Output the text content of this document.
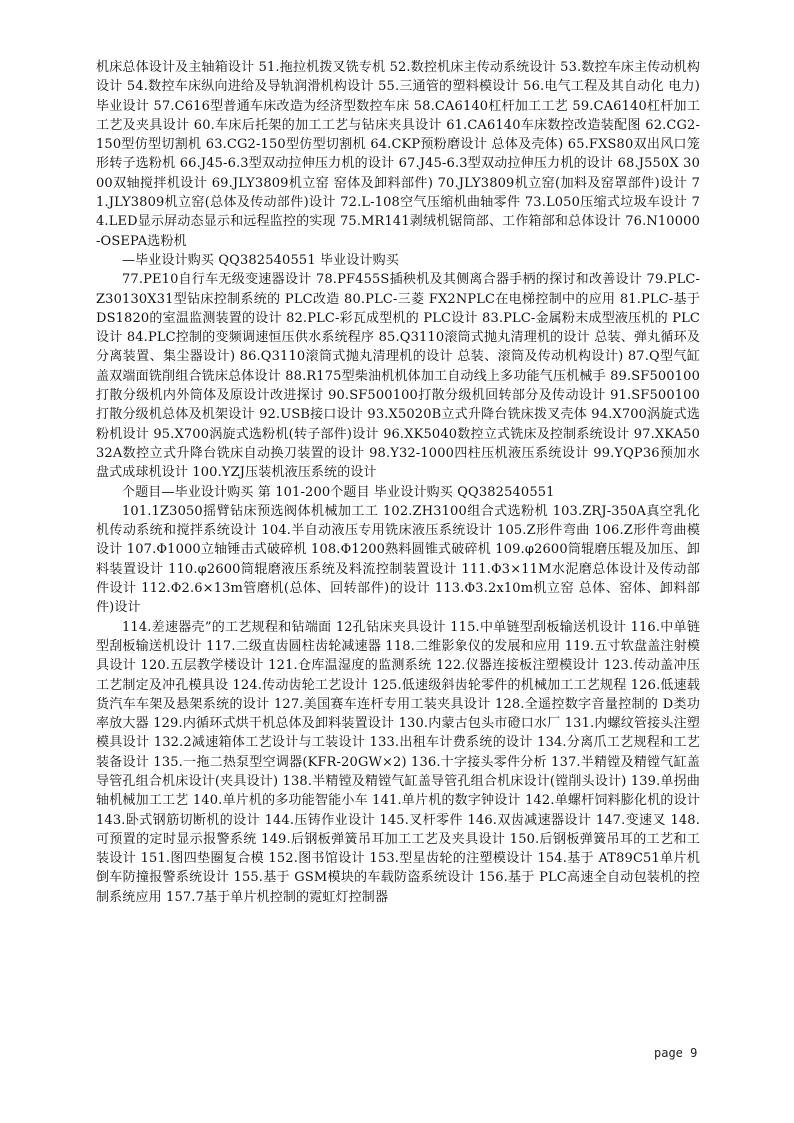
机床总体设计及主轴箱设计 51.拖拉机拨叉铣专机 52.数控机床主传动系统设计 53.数控车床主传动机构设计 54.数控车床纵向进给及导轨润滑机构设计 55.三通管的塑料模设计 56.电气工程及其自动化 电力)毕业设计 57.C616型普通车床改造为经济型数控车床 58.CA6140杠杆加工工艺 59.CA6140杠杆加工工艺及夹具设计 60.车床后托架的加工工艺与钻床夹具设计 61.CA6140车床数控改造装配图 62.CG2-150型仿型切割机 63.CG2-150型仿型切割机 64.CKP预粉磨设计 总体及壳体) 65.FXS80双出风口笼形转子选粉机 66.J45-6.3型双动拉伸压力机的设计 67.J45-6.3型双动拉伸压力机的设计 68.J550X 3000双轴搅拌机设计 69.JLY3809机立窑 窑体及卸料部件) 70.JLY3809机立窑(加料及窑罩部件)设计 71.JLY3809机立窑(总体及传动部件)设计 72.L-108空气压缩机曲轴零件 73.L050压缩式垃圾车设计 74.LED显示屏动态显示和远程监控的实现 75.MR141剥绒机锯筒部、工作箱部和总体设计 76.N10000-OSEPA选粉机

—毕业设计购买 QQ382540551 毕业设计购买

77.PE10自行车无级变速器设计 78.PF455S插秧机及其侧离合器手柄的探讨和改善设计 79.PLC-Z30130X31型钻床控制系统的 PLC改造 80.PLC-三菱 FX2NPLC在电梯控制中的应用 81.PLC-基于 DS1820的室温监测装置的设计 82.PLC-彩瓦成型机的 PLC设计 83.PLC-金属粉末成型液压机的 PLC设计 84.PLC控制的变频调速恒压供水系统程序 85.Q3110滚筒式抛丸清理机的设计 总装、弹丸循环及分离装置、集尘器设计) 86.Q3110滚筒式抛丸清理机的设计 总装、滚筒及传动机构设计) 87.Q型气缸盖双端面铣削组合铣床总体设计 88.R175型柴油机机体加工自动线上多功能气压机械手 89.SF500100打散分级机内外筒体及原设计改进探讨 90.SF500100打散分级机回转部分及传动设计 91.SF500100打散分级机总体及机架设计 92.USB接口设计 93.X5020B立式升降台铣床拨叉壳体 94.X700涡旋式选粉机设计 95.X700涡旋式选粉机(转子部件)设计 96.XK5040数控立式铣床及控制系统设计 97.XKA5032A数控立式升降台铣床自动换刀装置的设计 98.Y32-1000四柱压机液压系统设计 99.YQP36预加水盘式成球机设计 100.YZJ压装机液压系统的设计

个题目—毕业设计购买 第 101-200个题目 毕业设计购买 QQ382540551

101.1Z3050摇臂钻床预选阀体机械加工工 102.ZH3100组合式选粉机 103.ZRJ-350A真空乳化机传动系统和搅拌系统设计 104.半自动液压专用铣床液压系统设计 105.Z形件弯曲 106.Z形件弯曲模设计 107.Φ1000立轴锤击式破碎机 108.Φ1200熟料圆锥式破碎机 109.φ2600筒辊磨压辊及加压、卸料装置设计 110.φ2600筒辊磨液压系统及料流控制装置设计 111.Φ3×11M水泥磨总体设计及传动部件设计 112.Φ2.6×13m管磨机(总体、回转部件)的设计 113.Φ3.2x10m机立窑 总体、窑体、卸料部件)设计

114.差速器壳”的工艺规程和钻端面 12孔钻床夹具设计 115.中单链型刮板输送机设计 116.中单链型刮板输送机设计 117.二级直齿圆柱齿轮减速器 118.二维影象仪的发展和应用 119.五寸软盘盖注射模具设计 120.五层教学楼设计 121.仓库温湿度的监测系统 122.仪器连接板注塑模设计 123.传动盖冲压工艺制定及冲孔模具设 124.传动齿轮工艺设计 125.低速级斜齿轮零件的机械加工工艺规程 126.低速载货汽车车架及悬架系统的设计 127.美国赛车连杆专用工装夹具设计 128.全遥控数字音量控制的 D类功率放大器 129.内循环式烘干机总体及卸料装置设计 130.内蒙古包头市磴口水厂 131.内螺纹管接头注塑模具设计 132.2减速箱体工艺设计与工装设计 133.出租车计费系统的设计 134.分离爪工艺规程和工艺装备设计 135.一拖二热泵型空调器(KFR-20GW×2) 136.十字接头零件分析 137.半精镗及精镗气缸盖导管孔组合机床设计(夹具设计) 138.半精镗及精镗气缸盖导管孔组合机床设计(镗削头设计) 139.单拐曲轴机械加工工艺 140.单片机的多功能智能小车 141.单片机的数字钟设计 142.单螺杆饲料膨化机的设计 143.卧式钢筋切断机的设计 144.压铸作业设计 145.叉杆零件 146.双齿减速器设计 147.变速叉 148.可预置的定时显示报警系统 149.后钢板弹簧吊耳加工工艺及夹具设计 150.后钢板弹簧吊耳的工艺和工装设计 151.图四垫圈复合模 152.图书馆设计 153.型星齿轮的注塑模设计 154.基于 AT89C51单片机倒车防撞报警系统设计 155.基于 GSM模块的车载防盗系统设计 156.基于 PLC高速全自动包装机的控制系统应用 157.7基于单片机控制的霓虹灯控制器

page 9
